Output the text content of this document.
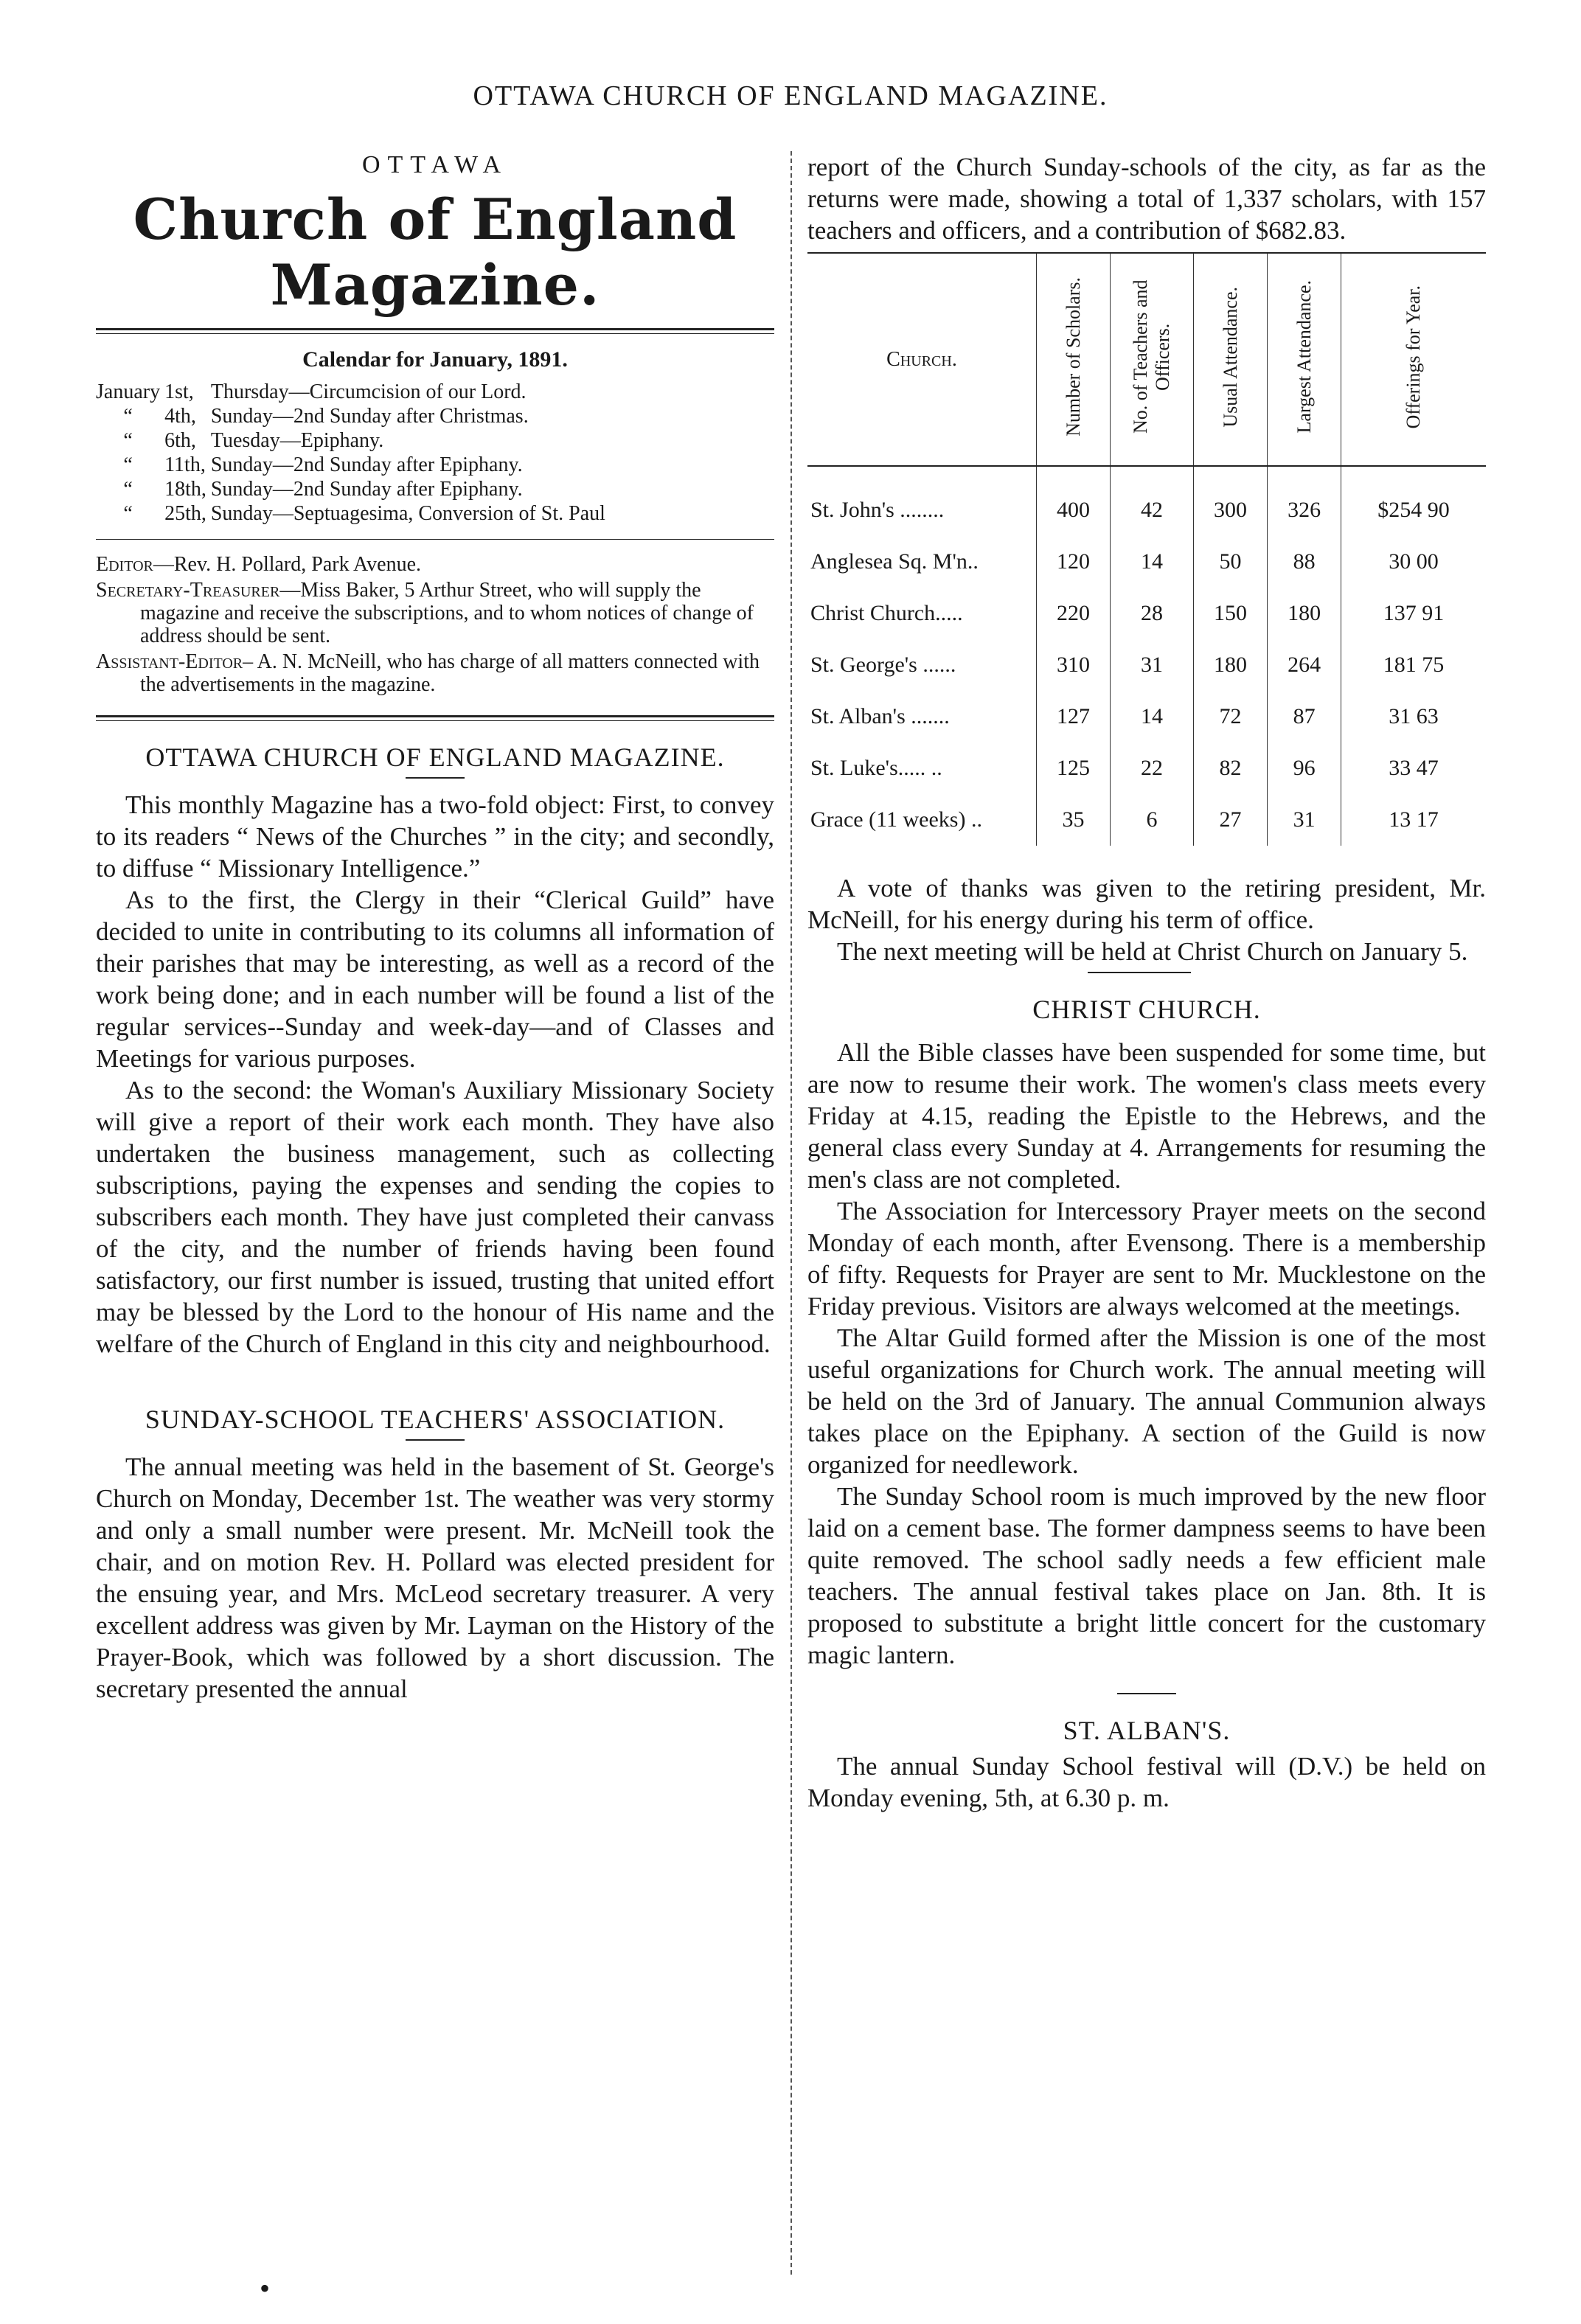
OTTAWA CHURCH OF ENGLAND MAGAZINE.
OTTAWA
Church of England Magazine.
Calendar for January, 1891.
January	1st,	Thursday—Circumcision of our Lord.
“	4th,	Sunday—2nd Sunday after Christmas.
“	6th,	Tuesday—Epiphany.
“	11th,	Sunday—2nd Sunday after Epiphany.
“	18th,	Sunday—2nd Sunday after Epiphany.
“	25th,	Sunday—Septuagesima, Conversion of St. Paul
Editor—Rev. H. Pollard, Park Avenue.
Secretary-Treasurer—Miss Baker, 5 Arthur Street, who will supply the magazine and receive the subscriptions, and to whom notices of change of address should be sent.
Assistant-Editor– A. N. McNeill, who has charge of all matters connected with the advertisements in the magazine.
OTTAWA CHURCH OF ENGLAND MAGAZINE.

This monthly Magazine has a two-fold object: First, to convey to its readers “ News of the Churches ” in the city; and secondly, to diffuse “ Missionary Intelligence.”

As to the first, the Clergy in their “Clerical Guild” have decided to unite in contributing to its columns all information of their parishes that may be interesting, as well as a record of the work being done; and in each number will be found a list of the regular services--Sunday and week-day—and of Classes and Meetings for various purposes.

As to the second: the Woman's Auxiliary Missionary Society will give a report of their work each month. They have also undertaken the business management, such as collecting subscriptions, paying the expenses and sending the copies to subscribers each month. They have just completed their canvass of the city, and the number of friends having been found satisfactory, our first number is issued, trusting that united effort may be blessed by the Lord to the honour of His name and the welfare of the Church of England in this city and neighbourhood.

SUNDAY-SCHOOL TEACHERS' ASSOCIATION.

The annual meeting was held in the basement of St. George's Church on Monday, December 1st. The weather was very stormy and only a small number were present. Mr. McNeill took the chair, and on motion Rev. H. Pollard was elected president for the ensuing year, and Mrs. McLeod secretary treasurer. A very excellent address was given by Mr. Layman on the History of the Prayer-Book, which was followed by a short discussion. The secretary presented the annual

report of the Church Sunday-schools of the city, as far as the returns were made, showing a total of 1,337 scholars, with 157 teachers and officers, and a contribution of $682.83.

Church.	Number of Scholars.	No. of Teachers and Officers.	Usual Attendance.	Largest Attendance.	Offerings for Year.

St. John's ........	400	42	300	326	$254 90
Anglesea Sq. M'n..	120	14	50	88	30 00
Christ Church.....	220	28	150	180	137 91
St. George's ......	310	31	180	264	181 75
St. Alban's .......	127	14	72	87	31 63
St. Luke's..... ..	125	22	82	96	33 47
Grace (11 weeks) ..	35	6	27	31	13 17

A vote of thanks was given to the retiring president, Mr. McNeill, for his energy during his term of office.

The next meeting will be held at Christ Church on January 5.

CHRIST CHURCH.

All the Bible classes have been suspended for some time, but are now to resume their work. The women's class meets every Friday at 4.15, reading the Epistle to the Hebrews, and the general class every Sunday at 4. Arrangements for resuming the men's class are not completed.

The Association for Intercessory Prayer meets on the second Monday of each month, after Evensong. There is a membership of fifty. Requests for Prayer are sent to Mr. Mucklestone on the Friday previous. Visitors are always welcomed at the meetings.

The Altar Guild formed after the Mission is one of the most useful organizations for Church work. The annual meeting will be held on the 3rd of January. The annual Communion always takes place on the Epiphany. A section of the Guild is now organized for needlework.

The Sunday School room is much improved by the new floor laid on a cement base. The former dampness seems to have been quite removed. The school sadly needs a few efficient male teachers. The annual festival takes place on Jan. 8th. It is proposed to substitute a bright little concert for the customary magic lantern.

ST. ALBAN'S.

The annual Sunday School festival will (D.V.) be held on Monday evening, 5th, at 6.30 p. m.

•
